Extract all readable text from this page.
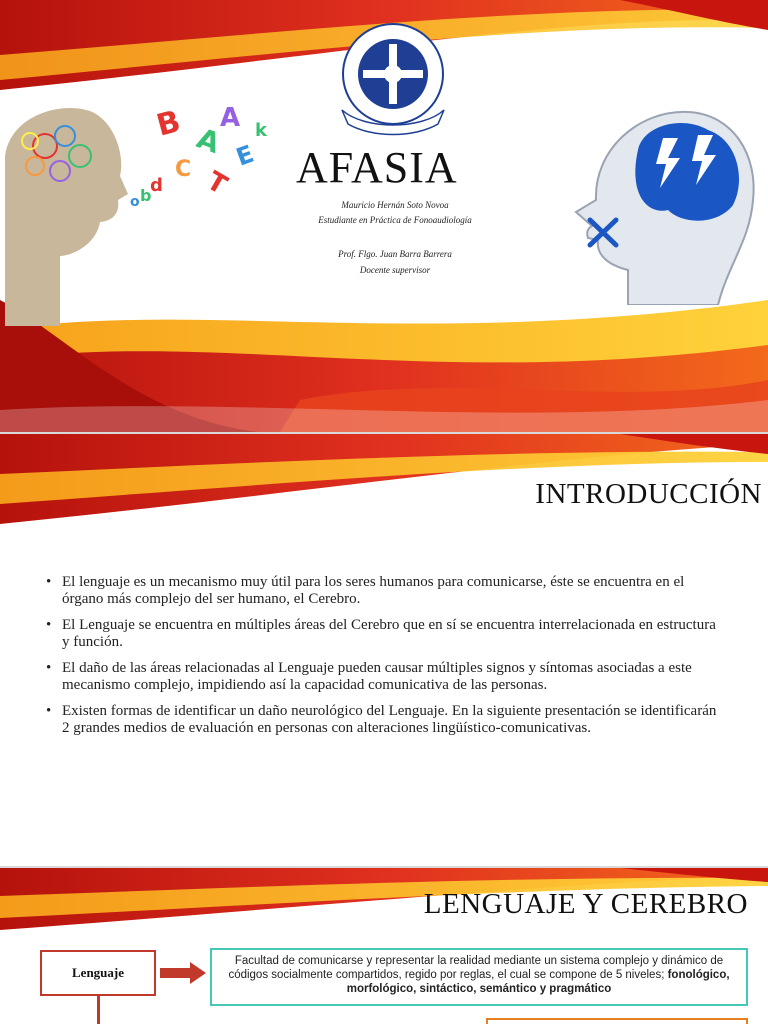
B A
A
E
C
d T
o b
k
AFASIA
Mauricio Hernán Soto Novoa
Estudiante en Práctica de Fonoaudiología
Prof. Flgo. Juan Barra Barrera
Docente supervisor
INTRODUCCIÓN
• El lenguaje es un mecanismo muy útil para los seres humanos para comunicarse, éste se encuentra en el órgano más complejo del ser humano, el Cerebro.
• El Lenguaje se encuentra en múltiples áreas del Cerebro que en sí se encuentra interrelacionada en estructura y función.
• El daño de las áreas relacionadas al Lenguaje pueden causar múltiples signos y síntomas asociadas a este mecanismo complejo, impidiendo así la capacidad comunicativa de las personas.
• Existen formas de identificar un daño neurológico del Lenguaje. En la siguiente presentación se identificarán 2 grandes medios de evaluación en personas con alteraciones lingüístico-comunicativas.
LENGUAJE Y CEREBRO
Lenguaje
Facultad de comunicarse y representar la realidad mediante un sistema complejo y dinámico de códigos socialmente compartidos, regido por reglas, el cual se compone de 5 niveles; fonológico, morfológico, sintáctico, semántico y pragmático
